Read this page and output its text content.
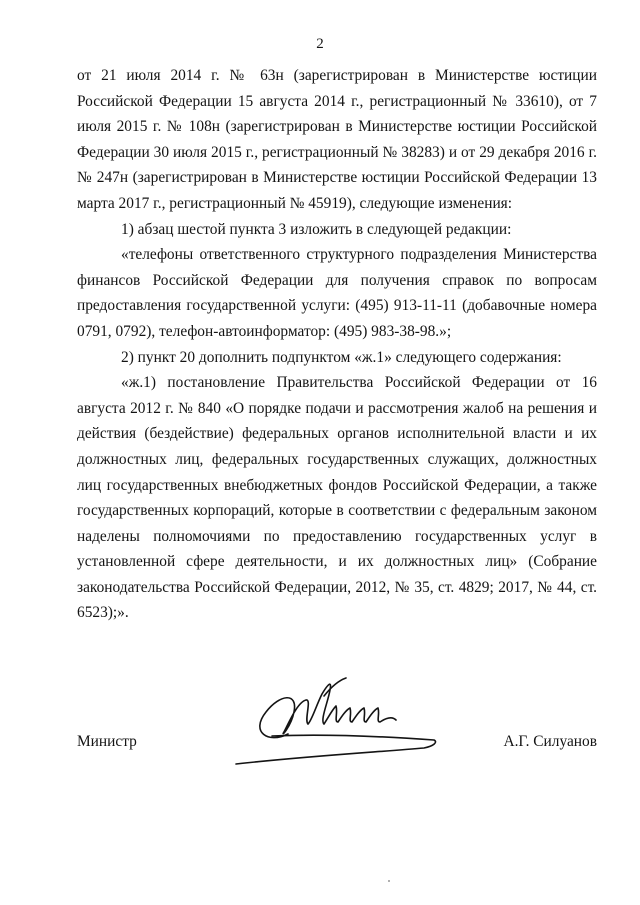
2

от 21 июля 2014 г. № 63н (зарегистрирован в Министерстве юстиции Российской Федерации 15 августа 2014 г., регистрационный № 33610), от 7 июля 2015 г. № 108н (зарегистрирован в Министерстве юстиции Российской Федерации 30 июля 2015 г., регистрационный № 38283) и от 29 декабря 2016 г. № 247н (зарегистрирован в Министерстве юстиции Российской Федерации 13 марта 2017 г., регистрационный № 45919), следующие изменения:

1) абзац шестой пункта 3 изложить в следующей редакции:

«телефоны ответственного структурного подразделения Министерства финансов Российской Федерации для получения справок по вопросам предоставления государственной услуги: (495) 913-11-11 (добавочные номера 0791, 0792), телефон-автоинформатор: (495) 983-38-98.»;

2) пункт 20 дополнить подпунктом «ж.1» следующего содержания:

«ж.1) постановление Правительства Российской Федерации от 16 августа 2012 г. № 840 «О порядке подачи и рассмотрения жалоб на решения и действия (бездействие) федеральных органов исполнительной власти и их должностных лиц, федеральных государственных служащих, должностных лиц государственных внебюджетных фондов Российской Федерации, а также государственных корпораций, которые в соответствии с федеральным законом наделены полномочиями по предоставлению государственных услуг в установленной сфере деятельности, и их должностных лиц» (Собрание законодательства Российской Федерации, 2012, № 35, ст. 4829; 2017, № 44, ст. 6523);».

Министр	А.Г. Силуанов
